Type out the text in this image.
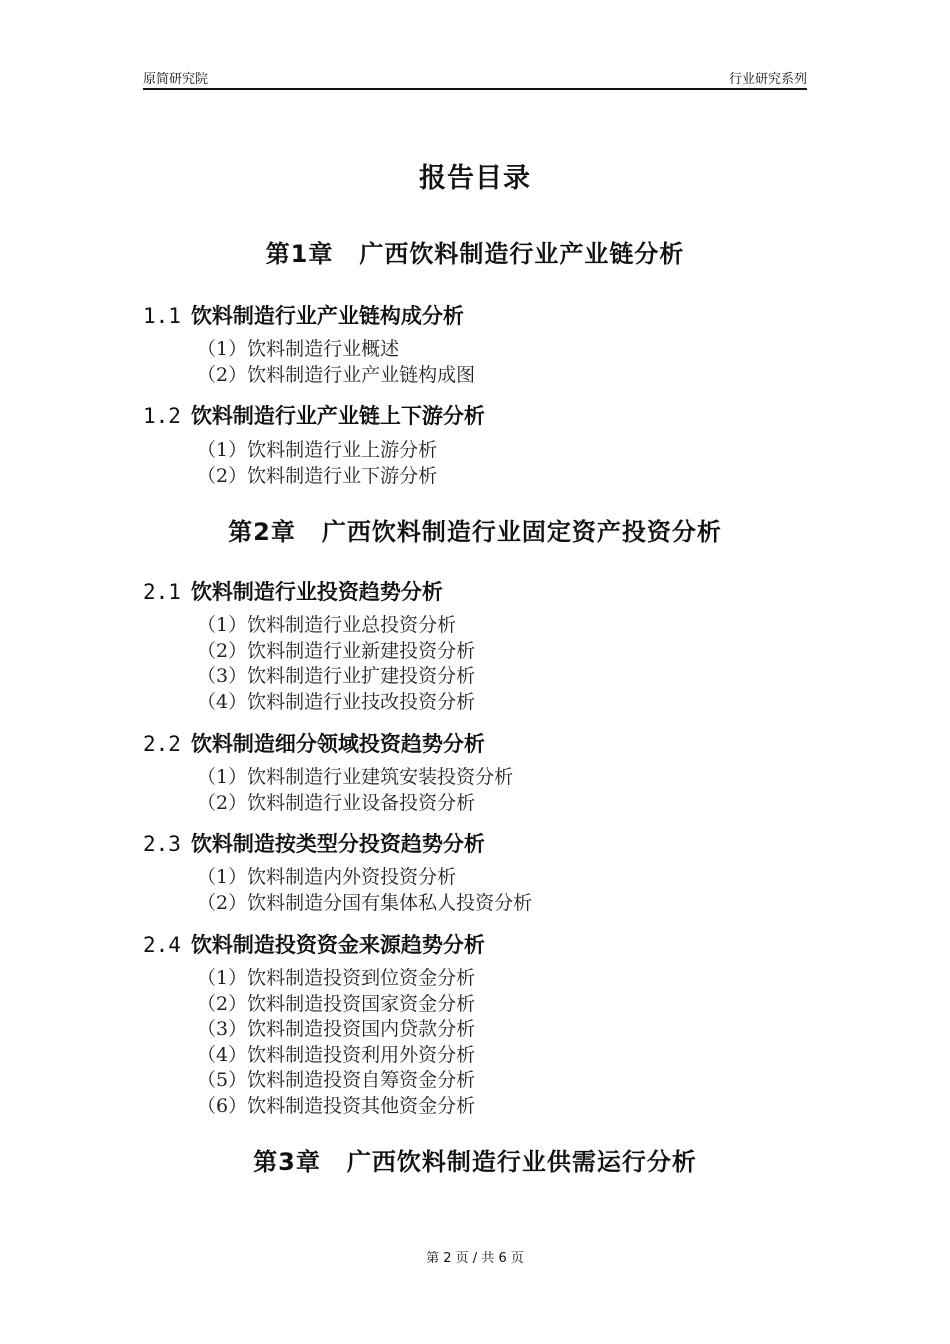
原简研究院	行业研究系列
报告目录
第1章 广西饮料制造行业产业链分析
1.1 饮料制造行业产业链构成分析
（1）饮料制造行业概述
（2）饮料制造行业产业链构成图
1.2 饮料制造行业产业链上下游分析
（1）饮料制造行业上游分析
（2）饮料制造行业下游分析
第2章 广西饮料制造行业固定资产投资分析
2.1 饮料制造行业投资趋势分析
（1）饮料制造行业总投资分析
（2）饮料制造行业新建投资分析
（3）饮料制造行业扩建投资分析
（4）饮料制造行业技改投资分析
2.2 饮料制造细分领域投资趋势分析
（1）饮料制造行业建筑安装投资分析
（2）饮料制造行业设备投资分析
2.3 饮料制造按类型分投资趋势分析
（1）饮料制造内外资投资分析
（2）饮料制造分国有集体私人投资分析
2.4 饮料制造投资资金来源趋势分析
（1）饮料制造投资到位资金分析
（2）饮料制造投资国家资金分析
（3）饮料制造投资国内贷款分析
（4）饮料制造投资利用外资分析
（5）饮料制造投资自筹资金分析
（6）饮料制造投资其他资金分析
第3章 广西饮料制造行业供需运行分析
第 2 页 / 共 6 页
